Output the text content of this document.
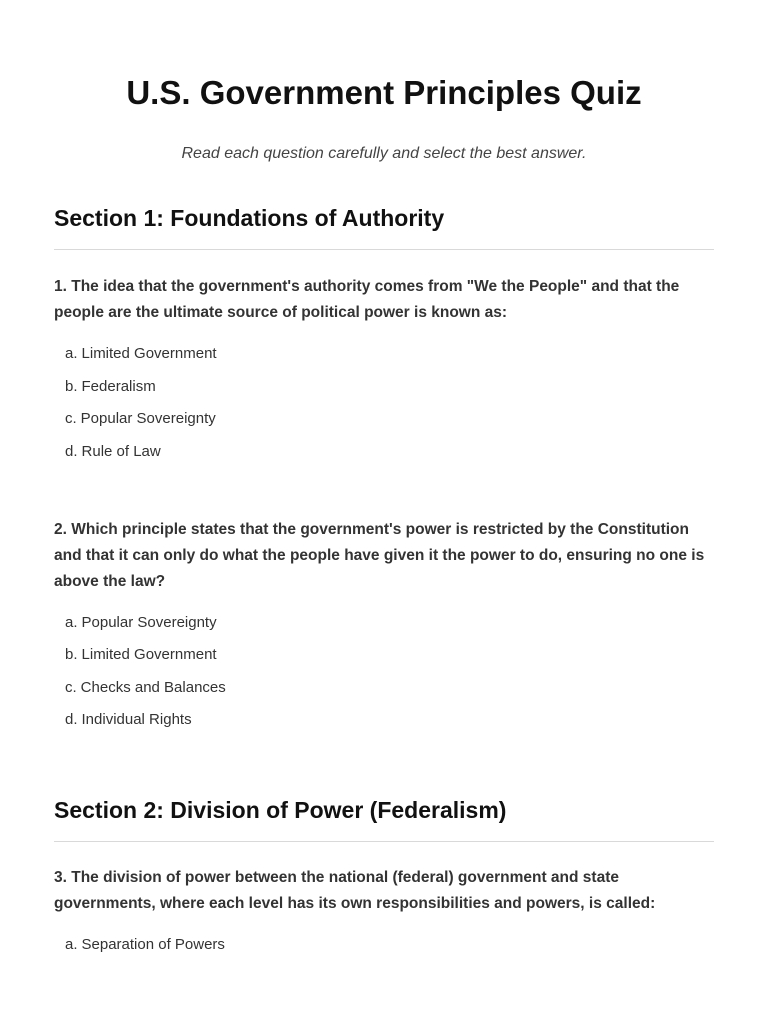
U.S. Government Principles Quiz

Read each question carefully and select the best answer.

Section 1: Foundations of Authority

1. The idea that the government's authority comes from "We the People" and that the people are the ultimate source of political power is known as:

a. Limited Government
b. Federalism
c. Popular Sovereignty
d. Rule of Law

2. Which principle states that the government's power is restricted by the Constitution and that it can only do what the people have given it the power to do, ensuring no one is above the law?

a. Popular Sovereignty
b. Limited Government
c. Checks and Balances
d. Individual Rights
Section 2: Division of Power (Federalism)

3. The division of power between the national (federal) government and state governments, where each level has its own responsibilities and powers, is called:

a. Separation of Powers
